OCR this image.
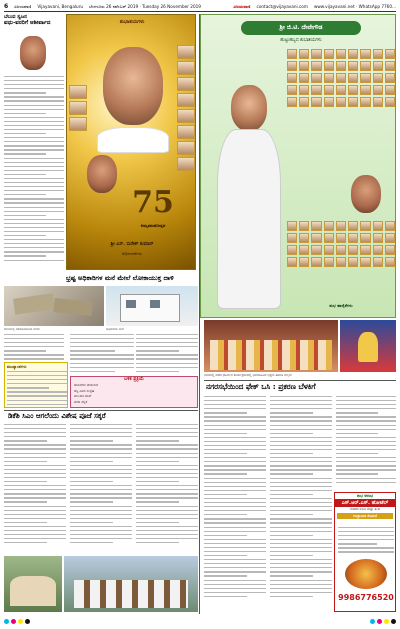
6 ವಿಜಯವಾಣಿ Vijayavani, Bengaluru ಬೆಂಗಳೂರು 26 ನವೆಂಬರ್ 2019 · Tuesday 26 November 2019	ವಿಜಯವಾಣಿ contact@vijayavani.com www.vijayavani.net · WhatsApp 7760...
ಬೆಲುವ ಸ್ವಜನ
ವಧು-ವರರಿಗೆ ಆಶೀರ್ವಾದ	ಶುಭಾಶಯಗಳು
75
ಅಮೃತಮಹೋತ್ಸವ
ಶ್ರೀ ಎಸ್. ಸುರೇಶ್ ಕುಮಾರ್
ಅಭಿನಂದನೆಗಳು
ಶ್ರೀ ಜಿ.ಟಿ. ದೇವೇಗೌಡ
ಹುಟ್ಟುಹಬ್ಬದ ಶುಭಾಶಯಗಳು
ಶುಭ ಹಾರೈಕೆಗಳು
ಭ್ರಷ್ಟ ಅಧಿಕಾರಿಗಳ ಮನೆ ಮೇಲೆ ಲೋಕಾಯುಕ್ತ ದಾಳಿ
ದಾಳಿಯಲ್ಲಿ ವಶಪಡಿಸಿಕೊಂಡ ನಗದು	ಅಧಿಕಾರಿಯ ಮನೆ
ಮುಖ್ಯಾಂಶಗಳು
ಬಳಿಕ ಪ್ರಕ್ರಿಯೆ
ದಾಖಲೆಗಳ ಪರಿಶೀಲನೆ
ಆಸ್ತಿ ವಿವರ ಸಂಗ್ರಹ
ಮುಂದಿನ ತನಿಖೆ
ವರದಿ ಸಲ್ಲಿಕೆ
ಡಿಕೆಶಿ ಸಿಎಂ ಆಗಲೆಂದು ವಿಶೇಷ ಪೂಜೆ ಸಕ್ಕರೆ
ನಗರದಲ್ಲಿ ನಡೆದ ಧಾರ್ಮಿಕ ಕಾರ್ಯಕ್ರಮದಲ್ಲಿ ಭಾಗವಹಿಸಿದ ಭಕ್ತರು ಹಾಗೂ ಗಣ್ಯರು
ನಗರಸಭೆಯಿಂದ ಫೇಕ್ ಒಸಿ : ಪ್ರಕರಣ ಬೆಳಕಿಗೆ
ಶುಭ ಆರಂಭ
ಎಸ್.ಆರ್.ಎಸ್. ಹೋಟೆಲ್
ರುಚಿಕರ ಊಟ ಮತ್ತು ತಿಂಡಿ
ಉದ್ಘಾಟನಾ ಕೊಡುಗೆ
9986776520
